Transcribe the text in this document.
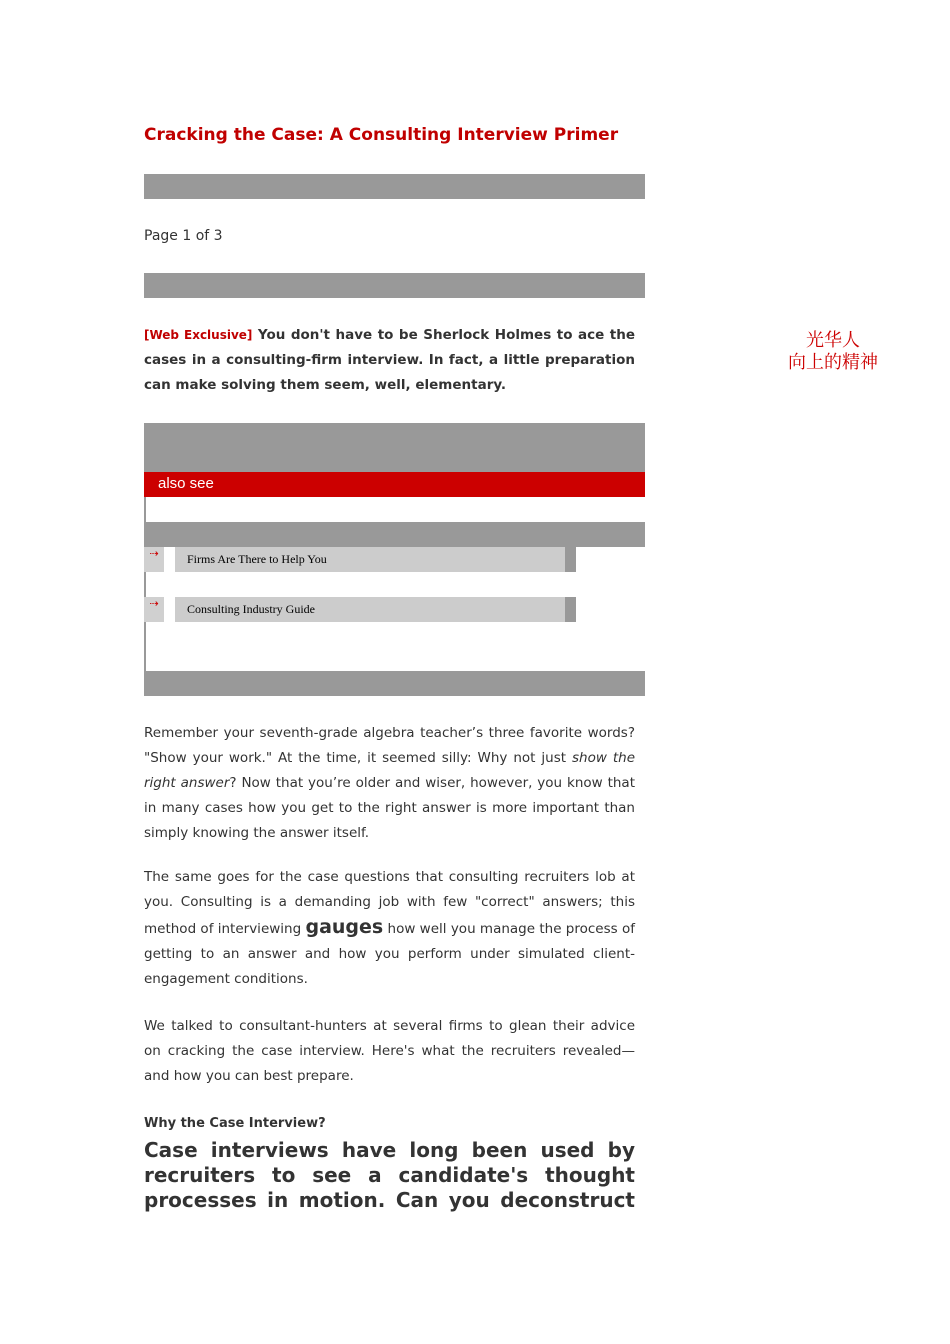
Cracking the Case: A Consulting Interview Primer
Page 1 of 3
光华人
向上的精神
[Web Exclusive] You don't have to be Sherlock Holmes to ace the cases in a consulting-firm interview. In fact, a little preparation can make solving them seem, well, elementary.
also see
⇢	Firms Are There to Help You
⇢	Consulting Industry Guide
Remember your seventh-grade algebra teacher’s three favorite words? "Show your work." At the time, it seemed silly: Why not just show the right answer? Now that you’re older and wiser, however, you know that in many cases how you get to the right answer is more important than simply knowing the answer itself.
The same goes for the case questions that consulting recruiters lob at you. Consulting is a demanding job with few "correct" answers; this method of interviewing gauges how well you manage the process of getting to an answer and how you perform under simulated client-engagement conditions.
We talked to consultant-hunters at several firms to glean their advice on cracking the case interview. Here's what the recruiters revealed—and how you can best prepare.
Why the Case Interview?
Case interviews have long been used by recruiters to see a candidate's thought processes in motion. Can you deconstruct
